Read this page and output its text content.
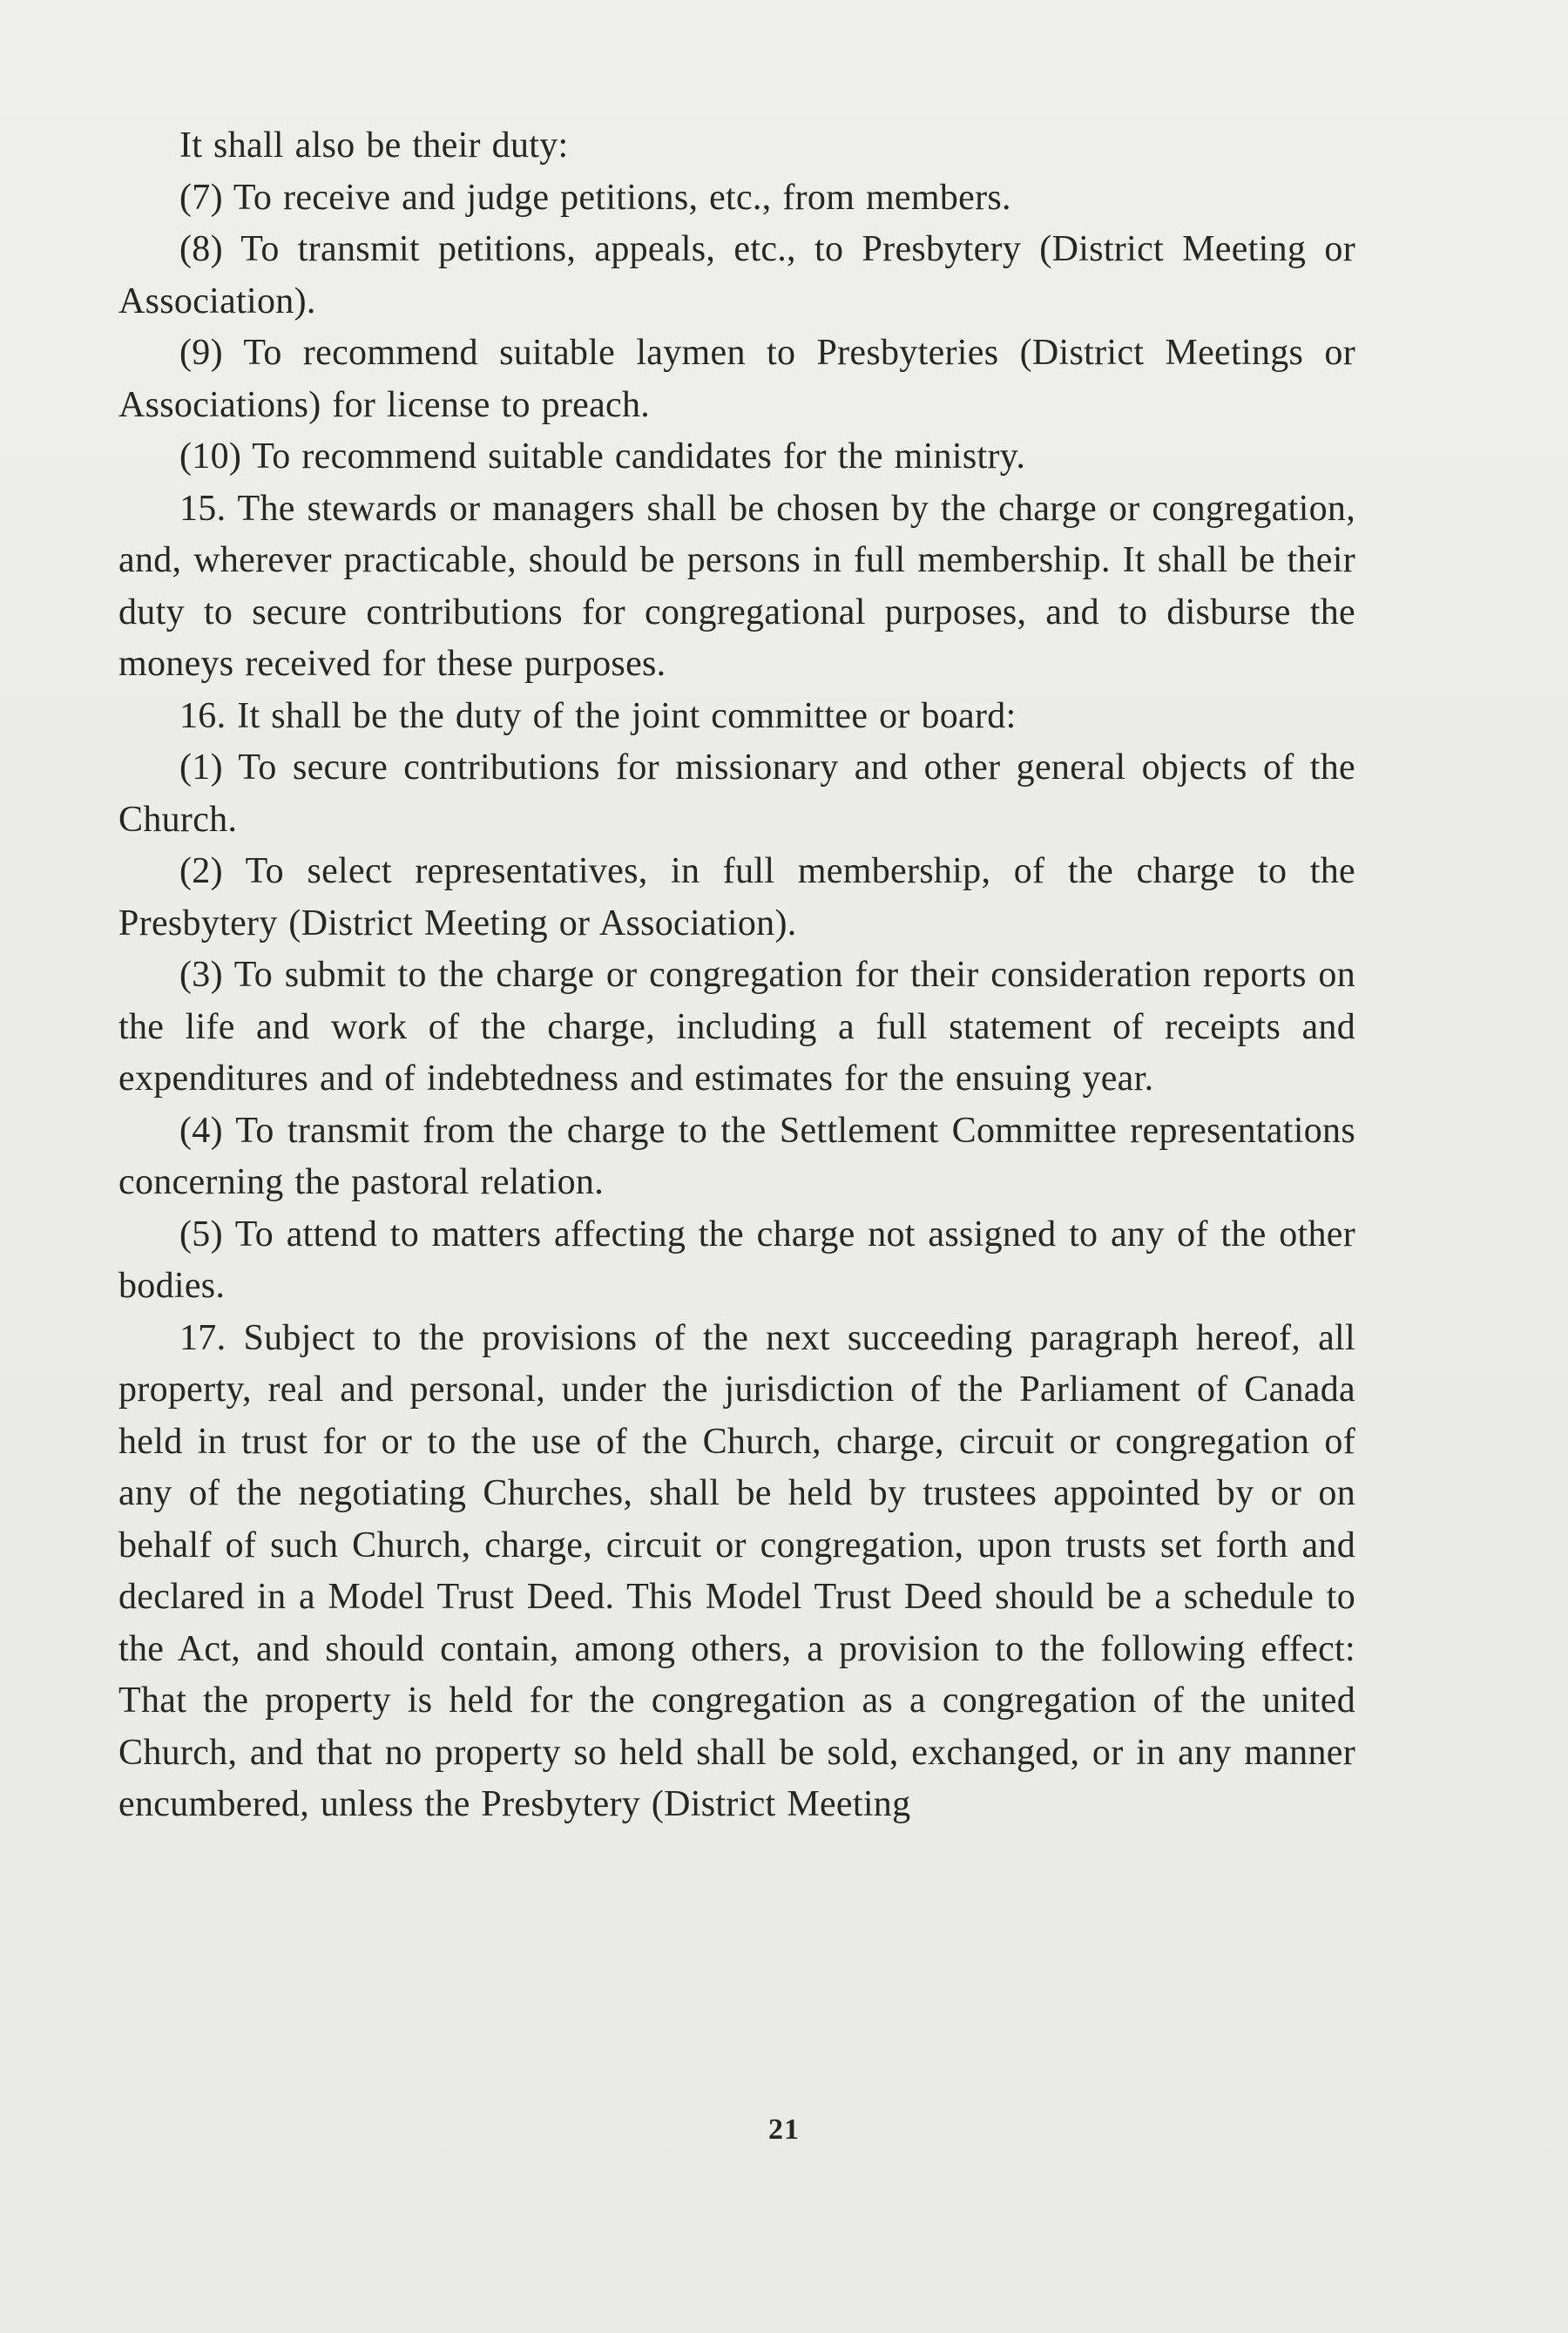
It shall also be their duty:

(7) To receive and judge petitions, etc., from members.

(8) To transmit petitions, appeals, etc., to Presbytery (District Meeting or Association).

(9) To recommend suitable laymen to Presbyteries (District Meetings or Associations) for license to preach.

(10) To recommend suitable candidates for the ministry.

15. The stewards or managers shall be chosen by the charge or congregation, and, wherever practicable, should be persons in full membership. It shall be their duty to secure contributions for congregational purposes, and to disburse the moneys received for these purposes.

16. It shall be the duty of the joint committee or board:

(1) To secure contributions for missionary and other general objects of the Church.

(2) To select representatives, in full membership, of the charge to the Presbytery (District Meeting or Association).

(3) To submit to the charge or congregation for their consideration reports on the life and work of the charge, including a full statement of receipts and expenditures and of indebtedness and estimates for the ensuing year.

(4) To transmit from the charge to the Settlement Committee representations concerning the pastoral relation.

(5) To attend to matters affecting the charge not assigned to any of the other bodies.

17. Subject to the provisions of the next succeeding paragraph hereof, all property, real and personal, under the jurisdiction of the Parliament of Canada held in trust for or to the use of the Church, charge, circuit or congregation of any of the negotiating Churches, shall be held by trustees appointed by or on behalf of such Church, charge, circuit or congregation, upon trusts set forth and declared in a Model Trust Deed. This Model Trust Deed should be a schedule to the Act, and should contain, among others, a provision to the following effect: That the property is held for the congregation as a congregation of the united Church, and that no property so held shall be sold, exchanged, or in any manner encumbered, unless the Presbytery (District Meeting

21
